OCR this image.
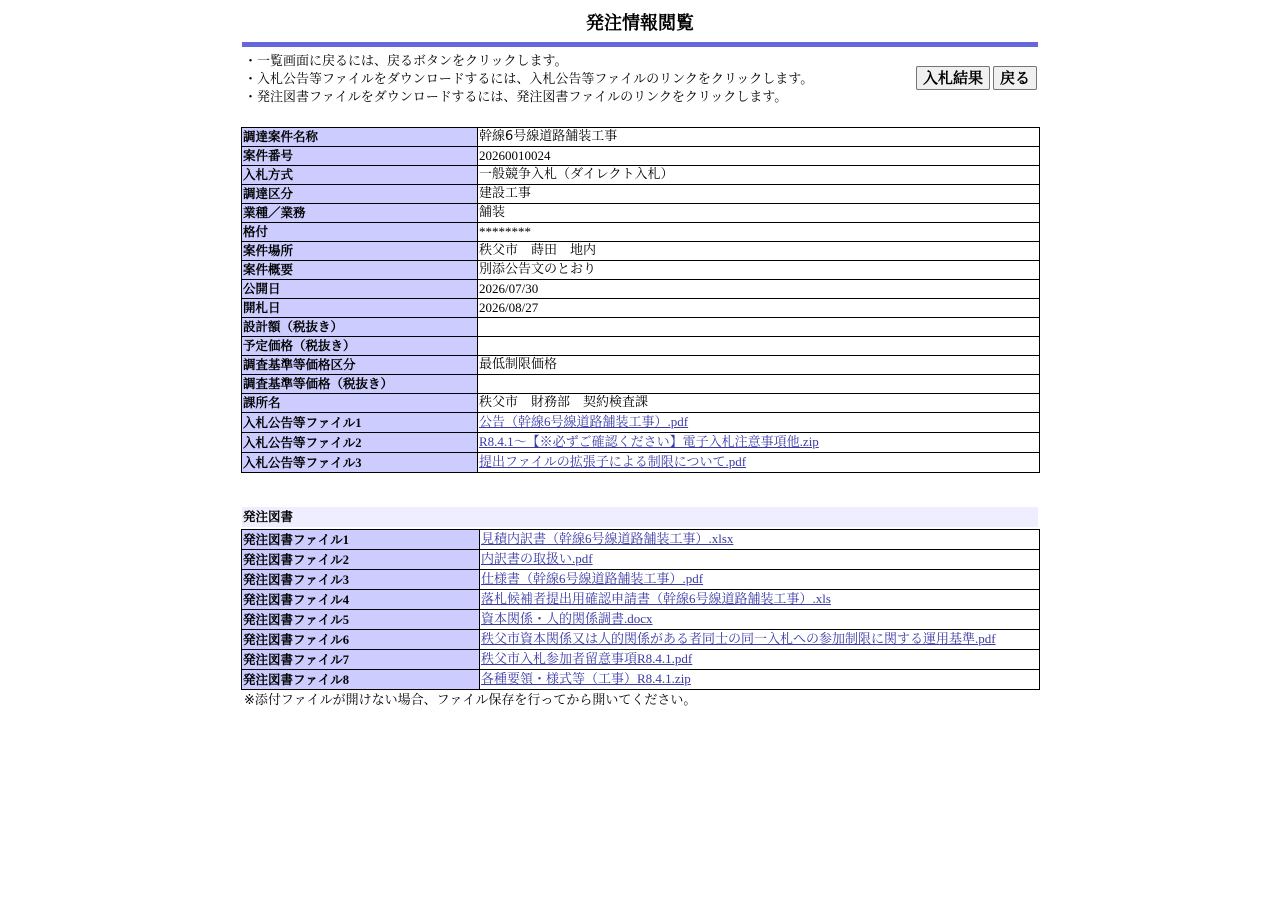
発注情報閲覧
・一覧画面に戻るには、戻るボタンをクリックします。
・入札公告等ファイルをダウンロードするには、入札公告等ファイルのリンクをクリックします。
・発注図書ファイルをダウンロードするには、発注図書ファイルのリンクをクリックします。
入札結果	戻る
調達案件名称	幹線6号線道路舗装工事
案件番号	20260010024
入札方式	一般競争入札（ダイレクト入札）
調達区分	建設工事
業種／業務	舗装
格付	********
案件場所	秩父市　蒔田　地内
案件概要	別添公告文のとおり
公開日	2026/07/30
開札日	2026/08/27
設計額（税抜き）	
予定価格（税抜き）	
調査基準等価格区分	最低制限価格
調査基準等価格（税抜き）	
課所名	秩父市　財務部　契約検査課
入札公告等ファイル1	公告（幹線6号線道路舗装工事）.pdf
入札公告等ファイル2	R8.4.1～【※必ずご確認ください】電子入札注意事項他.zip
入札公告等ファイル3	提出ファイルの拡張子による制限について.pdf
発注図書
発注図書ファイル1	見積内訳書（幹線6号線道路舗装工事）.xlsx
発注図書ファイル2	内訳書の取扱い.pdf
発注図書ファイル3	仕様書（幹線6号線道路舗装工事）.pdf
発注図書ファイル4	落札候補者提出用確認申請書（幹線6号線道路舗装工事）.xls
発注図書ファイル5	資本関係・人的関係調書.docx
発注図書ファイル6	秩父市資本関係又は人的関係がある者同士の同一入札への参加制限に関する運用基準.pdf
発注図書ファイル7	秩父市入札参加者留意事項R8.4.1.pdf
発注図書ファイル8	各種要領・様式等（工事）R8.4.1.zip
※添付ファイルが開けない場合、ファイル保存を行ってから開いてください。
